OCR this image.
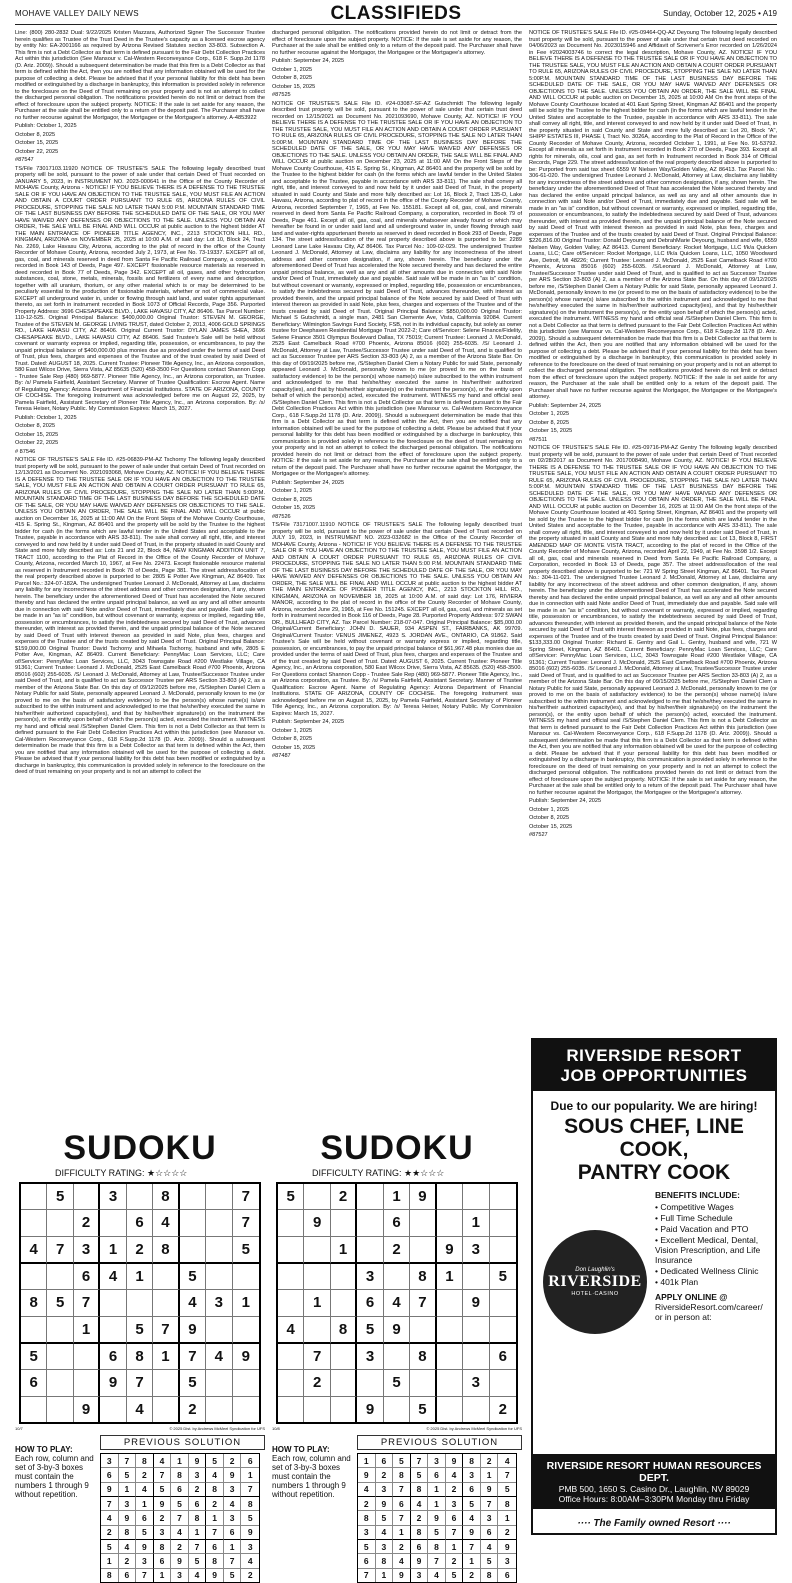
MOHAVE VALLEY DAILY NEWS	CLASSIFIEDS	Sunday, October 12, 2025 • A19

Line: (800) 280-2832 Dual: 9/22/2025 Kristen Mazzara, Authorized Signer The Successor Trustee herein qualifies as Trustee of the Trust Deed in the Trustee's capacity as a licensed escrow agency by entity No: EA-2001166 as required by Arizona Revised Statutes section 33-803. Subsection A. This firm is not a Debt Collector as that term is defined pursuant to the Fair Debt Collection Practices Act within this jurisdiction (See Mansour v. Cal-Western Reconveyance Corp., 618 F. Supp.2d 1178 (D. Ariz. 2009)). Should a subsequent determination be made that this firm is a Debt Collector as that term is defined within the Act, then you are notified that any information obtained will be used for the purpose of collecting a debt. Please be advised that if your personal liability for this debt has been modified or extinguished by a discharge in bankruptcy, this information is provided solely in reference to the foreclosure on the Deed of Trust remaining on your property and is not an attempt to collect the discharged personal obligation. The notifications provided herein do not limit or detract from the effect of foreclosure upon the subject property. NOTICE: If the sale is set aside for any reason, the Purchaser at the sale shall be entitled only to a return of the deposit paid. The Purchaser shall have no further recourse against the Mortgagor, the Mortgagee or the Mortgagee's attorney. A-4853922

Publish: October 1, 2025

October 8, 2025

October 15, 2025

October 22, 2025

#87547

TS/File 73017103.11920 NOTICE OF TRUSTEE'S SALE The following legally described trust property will be sold, pursuant to the power of sale under that certain Deed of Trust recorded on JANUARY 5, 2023, in INSTRUMENT NO. 2023-000641 in the Office of the County Recorder of MOHAVE County, Arizona - NOTICE! IF YOU BELIEVE THERE IS A DEFENSE TO THE TRUSTEE SALE OR IF YOU HAVE AN OBJECTION TO THE TRUSTEE SALE, YOU MUST FILE AN ACTION AND OBTAIN A COURT ORDER PURSUANT TO RULE 65, ARIZONA RULES OF CIVIL PROCEDURE, STOPPING THE SALE NO LATER THAN 5:00 P.M. MOUNTAIN STANDARD TIME OF THE LAST BUSINESS DAY BEFORE THE SCHEDULED DATE OF THE SALE, OR YOU MAY HAVE WAIVED ANY DEFENSES OR OBJECTIONS TO THE SALE. UNLESS YOU OBTAIN AN ORDER, THE SALE WILL BE FINAL AND WILL OCCUR at public auction to the highest bidder AT THE MAIN ENTRANCE OF PIONEER TITLE AGENCY, INC., 2213 STOCKTON HILL RD., KINGMAN, ARIZONA on NOVEMBER 25, 2025 at 10:00 A.M. of said day: Lot 10, Block 24, Tract No. 2269, Lake Havasu City, Arizona, according to the plat of record in the office of the County Recorder of Mohave County, Arizona, recorded July 2, 1973, at Fee No. 73-19337. EXCEPT all oil, gas, coal, and minerals reserved in deed from Santa Fe Pacific Railroad Company, a corporation, recorded in Book 143 of Deeds, Page 497. EXCEPT fissionable resource materials as reserved in deed recorded in Book 77 of Deeds, Page 342. EXCEPT all oil, gases, and other hydrocarbon substances, coal, stone, metals, minerals, fossils and fertilizers of every name and description, together with all uranium, thorium, or any other material which is or may be determined to be peculiarly essential to the production of fissionable materials, whether or not of commercial value. EXCEPT all underground water in, under or flowing through said land, and water rights appurtenant thereto, as set forth in instrument recorded in Book 1073 of Official Records, Page 356. Purported Property Address: 3696 CHESAPEAKE BLVD., LAKE HAVASU CITY, AZ 86406. Tax Parcel Number: 110-12-525. Original Principal Balance: $400,000.00 Original Trustor: STEVEN M. GEORGE, Trustee of the STEVEN M. GEORGE LIVING TRUST, dated October 2, 2013, 4006 GOLD SPRINGS RD., LAKE HAVASU CITY, AZ 86406. Original Current Trustor: DYLAN JAMES SHEA, 3696 CHESAPEAKE BLVD., LAKE HAVASU CITY, AZ 86406. Said Trustee's Sale will be held without covenant or warranty express or implied, regarding title, possession, or encumbrances, to pay the unpaid principal balance of $400,000.00 plus monies due as provided under the terms of said Deed of Trust, plus fees, charges and expenses of the Trustee and of the trust created by said Deed of Trust. Dated: AUGUST 18, 2025. Current Trustee: Pioneer Title Agency, Inc., an Arizona corporation, 580 East Wilcox Drive, Sierra Vista, AZ 85635 (520) 458-3500 For Questions contact Shannon Copp - Trustee Sale Rep (480) 969-5877. Pioneer Title Agency, Inc., an Arizona corporation, as Trustee. By: /s/ Pamela Fairfield, Assistant Secretary. Manner of Trustee Qualification: Escrow Agent. Name of Regulating Agency: Arizona Department of Financial Institutions. STATE OF ARIZONA, COUNTY OF COCHISE. The foregoing instrument was acknowledged before me on August 22, 2025, by Pamela Fairfield, Assistant Secretary of Pioneer Title Agency, Inc., an Arizona corporation. By: /s/ Teresa Heiser, Notary Public. My Commission Expires: March 15, 2027.

Publish: October 1, 2025

October 8, 2025

October 15, 2025

October 22, 2025

# 87546

NOTICE OF TRUSTEE'S SALE File ID. #25-06839-PM-AZ Tschorny The following legally described trust property will be sold, pursuant to the power of sale under that certain Deed of Trust recorded on 12/13/2021 as Document No. 2021093068, Mohave County, AZ. NOTICE! IF YOU BELIEVE THERE IS A DEFENSE TO THE TRUSTEE SALE OR IF YOU HAVE AN OBJECTION TO THE TRUSTEE SALE, YOU MUST FILE AN ACTION AND OBTAIN A COURT ORDER PURSUANT TO RULE 65, ARIZONA RULES OF CIVIL PROCEDURE, STOPPING THE SALE NO LATER THAN 5:00P.M. MOUNTAIN STANDARD TIME OF THE LAST BUSINESS DAY BEFORE THE SCHEDULED DATE OF THE SALE, OR YOU MAY HAVE WAIVED ANY DEFENSES OR OBJECTIONS TO THE SALE. UNLESS YOU OBTAIN AN ORDER, THE SALE WILL BE FINAL AND WILL OCCUR at public auction on December 16, 2025 at 11:00 AM On the Front Steps of the Mohave County Courthouse, 415 E. Spring St., Kingman, AZ 86401 and the property will be sold by the Trustee to the highest bidder for cash (in the forms which are lawful tender in the United States and acceptable to the Trustee, payable in accordance with ARS 33-811). The sale shall convey all right, title, and interest conveyed to and now held by it under said Deed of Trust, in the property situated in said County and State and more fully described as: Lots 21 and 22, Block 84, NEW KINGMAN ADDITION UNIT 7, TRACT 1100, according to the Plat of Record in the Office of the County Recorder of Mohave County, Arizona, recorded March 10, 1967, at Fee No. 22473. Except fissionable resource material as reserved in Instrument recorded in Book 70 of Deeds, Page 381. The street address/location of the real property described above is purported to be: 2805 E Potter Ave Kingman, AZ 86409. Tax Parcel No.: 324-07-182A. The undersigned Trustee Leonard J. McDonald, Attorney at Law, disclaims any liability for any incorrectness of the street address and other common designation, if any, shown herein. The beneficiary under the aforementioned Deed of Trust has accelerated the Note secured thereby and has declared the entire unpaid principal balance, as well as any and all other amounts due in connection with said Note and/or Deed of Trust, immediately due and payable. Said sale will be made in an "as is" condition, but without covenant or warranty, express or implied, regarding title, possession or encumbrances, to satisfy the indebtedness secured by said Deed of Trust, advances thereunder, with interest as provided therein, and the unpaid principal balance of the Note secured by said Deed of Trust with interest thereon as provided in said Note, plus fees, charges and expenses of the Trustee and of the trusts created by said Deed of Trust. Original Principal Balance: $159,000.00 Original Trustor: David Tschorny and Mihaela Tschorny, husband and wife, 2805 E Potter Ave, Kingman, AZ 86409. Current Beneficiary: PennyMac Loan Services, LLC; Care of/Servicer: PennyMac Loan Services, LLC, 3043 Townsgate Road #200 Westlake Village, CA 91361; Current Trustee: Leonard J. McDonald, 2525 East Camelback Road #700 Phoenix, Arizona 85016 (602) 255-6035. /S/ Leonard J. McDonald, Attorney at Law, Trustee/Successor Trustee under said Deed of Trust, and is qualified to act as Successor Trustee per ARS Section 33-803 (A) 2, as a member of the Arizona State Bar. On this day of 09/12/2025 before me, /S/Stephen Daniel Clem a Notary Public for said State, personally appeared Leonard J. McDonald, personally known to me (or proved to me on the basis of satisfactory evidence) to be the person(s) whose name(s) is/are subscribed to the within instrument and acknowledged to me that he/she/they executed the same in his/her/their authorized capacity(ies), and that by his/her/their signature(s) on the instrument the person(s), or the entity upon behalf of which the person(s) acted, executed the instrument. WITNESS my hand and official seal /S/Stephen Daniel Clem. This firm is not a Debt Collector as that term is defined pursuant to the Fair Debt Collection Practices Act within this jurisdiction (see Mansour vs. Cal-Western Reconveyance Corp., 618 F.Supp.2d 1178 (D. Ariz. 2009)). Should a subsequent determination be made that this firm is a Debt Collector as that term is defined within the Act, then you are notified that any information obtained will be used for the purpose of collecting a debt. Please be advised that if your personal liability for this debt has been modified or extinguished by a discharge in bankruptcy, this communication is provided solely in reference to the foreclosure on the deed of trust remaining on your property and is not an attempt to collect the

discharged personal obligation. The notifications provided herein do not limit or detract from the effect of foreclosure upon the subject property. NOTICE: If the sale is set aside for any reason, the Purchaser at the sale shall be entitled only to a return of the deposit paid. The Purchaser shall have no further recourse against the Mortgagor, the Mortgagee or the Mortgagee's attorney.

Publish: September 24, 2025

October 1, 2025

October 8, 2025

October 15, 2025

#87525

NOTICE OF TRUSTEE'S SALE File ID. #24-03087-SF-AZ Gutschmidt The following legally described trust property will be sold, pursuant to the power of sale under that certain trust deed recorded on 12/15/2021 as Document No. 2021093690, Mohave County, AZ. NOTICE! IF YOU BELIEVE THERE IS A DEFENSE TO THE TRUSTEE SALE OR IF YOU HAVE AN OBJECTION TO THE TRUSTEE SALE, YOU MUST FILE AN ACTION AND OBTAIN A COURT ORDER PURSUANT TO RULE 65, ARIZONA RULES OF CIVIL PROCEDURE, STOPPING THE SALE NO LATER THAN 5:00P.M. MOUNTAIN STANDARD TIME OF THE LAST BUSINESS DAY BEFORE THE SCHEDULED DATE OF THE SALE, OR YOU MAY HAVE WAIVED ANY DEFENSES OR OBJECTIONS TO THE SALE. UNLESS YOU OBTAIN AN ORDER, THE SALE WILL BE FINAL AND WILL OCCUR at public auction on December 23, 2025 at 11:00 AM On the Front Steps of the Mohave County Courthouse, 415 E. Spring St., Kingman, AZ 86401 and the property will be sold by the Trustee to the highest bidder for cash (in the forms which are lawful tender in the United States and acceptable to the Trustee, payable in accordance with ARS 33-811). The sale shall convey all right, title, and interest conveyed to and now held by it under said Deed of Trust, in the property situated in said County and State and more fully described as: Lot 16, Block 2, Tract 135-D, Lake Havasu, Arizona, according to plat of record in the office of the County Recorder of Mohave County, Arizona, recorded September 7, 1965, at Fee No. 155181. Except all oil, gas, coal, and minerals reserved in deed from Santa Fe Pacific Railroad Company, a corporation, recorded in Book 79 of Deeds, Page 461. Except all oil, gas, coal, and minerals whatsoever already found or which may hereafter be found in or under said land and all underground water in, under flowing through said land and water-rights appurtenant thereto as reserved in deed recorded in Book 293 of Deeds, Page 134. The street address/location of the real property described above is purported to be: 2289 Leonard Lane Lake Havasu City, AZ 86406. Tax Parcel No.: 109-02-029. The undersigned Trustee Leonard J. McDonald, Attorney at Law, disclaims any liability for any incorrectness of the street address and other common designation, if any, shown herein. The beneficiary under the aforementioned Deed of Trust has accelerated the Note secured thereby and has declared the entire unpaid principal balance, as well as any and all other amounts due in connection with said Note and/or Deed of Trust, immediately due and payable. Said sale will be made in an "as is" condition, but without covenant or warranty, expressed or implied, regarding title, possession or encumbrances, to satisfy the indebtedness secured by said Deed of Trust, advances thereunder, with interest as provided therein, and the unpaid principal balance of the Note secured by said Deed of Trust with interest thereon as provided in said Note, plus fees, charges and expenses of the Trustee and of the trusts created by said Deed of Trust. Original Principal Balance: $850,000.00 Original Trustor: Michael S Gutschmidt, a single man, 2481 San Clemente Ave, Vista, California 92084. Current Beneficiary: Wilmington Savings Fund Society, FSB, not in its individual capacity, but solely as owner trustee for Deephaven Residential Mortgage Trust 2022-2; Care of/Servicer: Selene Finance/Fidelity, Selene Finance 3501 Olympus Boulevard Dallas, TX 75019; Current Trustee: Leonard J. McDonald, 2525 East Camelback Road #700 Phoenix, Arizona 85016 (602) 255-6035. /S/ Leonard J. McDonald, Attorney at Law, Trustee/Successor Trustee under said Deed of Trust, and is qualified to act as Successor Trustee per ARS Section 33-803 (A) 2, as a member of the Arizona State Bar. On this day of 09/19/2025 before me, /S/Stephen Daniel Clem a Notary Public for said State, personally appeared Leonard J. McDonald, personally known to me (or proved to me on the basis of satisfactory evidence) to be the person(s) whose name(s) is/are subscribed to the within instrument and acknowledged to me that he/she/they executed the same in his/her/their authorized capacity(ies), and that by his/her/their signature(s) on the instrument the person(s), or the entity upon behalf of which the person(s) acted, executed the instrument. WITNESS my hand and official seal /S/Stephen Daniel Clem. This firm is not a Debt Collector as that term is defined pursuant to the Fair Debt Collection Practices Act within this jurisdiction (see Mansour vs. Cal-Western Reconveyance Corp., 618 F.Supp.2d 1178 (D. Ariz. 2009)). Should a subsequent determination be made that this firm is a Debt Collector as that term is defined within the Act, then you are notified that any information obtained will be used for the purpose of collecting a debt. Please be advised that if your personal liability for this debt has been modified or extinguished by a discharge in bankruptcy, this communication is provided solely in reference to the foreclosure on the deed of trust remaining on your property and is not an attempt to collect the discharged personal obligation. The notifications provided herein do not limit or detract from the effect of foreclosure upon the subject property. NOTICE: If the sale is set aside for any reason, the Purchaser at the sale shall be entitled only to a return of the deposit paid. The Purchaser shall have no further recourse against the Mortgagor, the Mortgagee or the Mortgagee's attorney.

Publish: September 24, 2025

October 1, 2025

October 8, 2025

October 15, 2025

#87526

TS/File 73171007.11910 NOTICE OF TRUSTEE'S SALE The following legally described trust property will be sold, pursuant to the power of sale under that certain Deed of Trust recorded on JULY 19, 2023, in INSTRUMENT NO. 2023-032682 in the Office of the County Recorder of MOHAVE County, Arizona - NOTICE! IF YOU BELIEVE THERE IS A DEFENSE TO THE TRUSTEE SALE OR IF YOU HAVE AN OBJECTION TO THE TRUSTEE SALE, YOU MUST FILE AN ACTION AND OBTAIN A COURT ORDER PURSUANT TO RULE 65, ARIZONA RULES OF CIVIL PROCEDURE, STOPPING THE SALE NO LATER THAN 5:00 P.M. MOUNTAIN STANDARD TIME OF THE LAST BUSINESS DAY BEFORE THE SCHEDULED DATE OF THE SALE, OR YOU MAY HAVE WAIVED ANY DEFENSES OR OBJECTIONS TO THE SALE. UNLESS YOU OBTAIN AN ORDER, THE SALE WILL BE FINAL AND WILL OCCUR at public auction to the highest bidder AT THE MAIN ENTRANCE OF PIONEER TITLE AGENCY, INC., 2213 STOCKTON HILL RD., KINGMAN, ARIZONA on NOVEMBER 18, 2025 at 10:00 A.M. of said day: Lot 176, RIVIERA MANOR, according to the plat of record in the office of the County Recorder of Mohave County, Arizona, recorded June 29, 1965, at Fee No. 151245. EXCEPT all oil, gas, coal, and minerals as set forth in instrument recorded in Book 116 of Deeds, Page 28. Purported Property Address: 972 SWAN DR., BULLHEAD CITY, AZ. Tax Parcel Number: 218-07-047. Original Principal Balance: $85,000.00 Original/Current Beneficiary: JOHN D. SAUER, 934 ASPEN ST., FAIRBANKS, AK 99709. Original/Current Trustor: VENUS JIMENEZ, 4923 S. JORDAN AVE., ONTARIO, CA 91862. Said Trustee's Sale will be held without covenant or warranty express or implied, regarding title, possession, or encumbrances, to pay the unpaid principal balance of $61,967.48 plus monies due as provided under the terms of said Deed of Trust, plus fees, charges and expenses of the Trustee and of the trust created by said Deed of Trust. Dated: AUGUST 6, 2025. Current Trustee: Pioneer Title Agency, Inc., an Arizona corporation, 580 East Wilcox Drive, Sierra Vista, AZ 85635. (520) 458-3500. For Questions contact Shannon Copp - Trustee Sale Rep (480) 969-5877. Pioneer Title Agency, Inc., an Arizona corporation, as Trustee. By: /s/ Pamela Fairfield, Assistant Secretary. Manner of Trustee Qualification: Escrow Agent. Name of Regulating Agency: Arizona Department of Financial Institutions. STATE OF ARIZONA, COUNTY OF COCHISE. The foregoing instrument was acknowledged before me on August 15, 2025, by Pamela Fairfield, Assistant Secretary of Pioneer Title Agency, Inc., an Arizona corporation. By: /s/ Teresa Heiser, Notary Public. My Commission Expires: March 15, 2027.

Publish: September 24, 2025

October 1, 2025

October 8, 2025

October 15, 2025

#87487

NOTICE OF TRUSTEE'S SALE File ID. #25-09464-QQ-AZ Deyoung The following legally described trust property will be sold, pursuant to the power of sale under that certain trust deed recorded on 04/06/2023 as Document No. 2023015946 and Affidavit of Scrivener's Error recorded on 1/26/2024 in Fee #2024003746 to correct the legal description, Mohave County, AZ. NOTICE! IF YOU BELIEVE THERE IS A DEFENSE TO THE TRUSTEE SALE OR IF YOU HAVE AN OBJECTION TO THE TRUSTEE SALE, YOU MUST FILE AN ACTION AND OBTAIN A COURT ORDER PURSUANT TO RULE 65, ARIZONA RULES OF CIVIL PROCEDURE, STOPPING THE SALE NO LATER THAN 5:00P.M. MOUNTAIN STANDARD TIME OF THE LAST BUSINESS DAY BEFORE THE SCHEDULED DATE OF THE SALE, OR YOU MAY HAVE WAIVED ANY DEFENSES OR OBJECTIONS TO THE SALE. UNLESS YOU OBTAIN AN ORDER, THE SALE WILL BE FINAL AND WILL OCCUR at public auction on December 15, 2025 at 10:00 AM On the front steps of the Mohave County Courthouse located at 401 East Spring Street, Kingman AZ 86401 and the property will be sold by the Trustee to the highest bidder for cash (in the forms which are lawful tender in the United States and acceptable to the Trustee, payable in accordance with ARS 33-811). The sale shall convey all right, title, and interest conveyed to and now held by it under said Deed of Trust, in the property situated in said County and State and more fully described as: Lot 20, Block "A", SHIPP ESTATES III, PHASE I, Tract No. 3026A, according to the Plat of Record in the Office of the County Recorder of Mohave County, Arizona, recorded October 1, 1991, at Fee No. 91-53792. Except all minerals as set forth in Instrument recorded in Book 270 of Deeds, Page 393. Except all rights for minerals, oils, coal and gas, as set forth in Instrument recorded in Book 314 of Official Records, Page 229. The street address/location of the real property described above is purported to be: Purported from said tax sheet 6559 W Nielsen Way/Golden Valley, AZ 86413. Tax Parcel No.: 306-61-020. The undersigned Trustee Leonard J. McDonald, Attorney at Law, disclaims any liability for any incorrectness of the street address and other common designation, if any, shown herein. The beneficiary under the aforementioned Deed of Trust has accelerated the Note secured thereby and has declared the entire unpaid principal balance, as well as any and all other amounts due in connection with said Note and/or Deed of Trust, immediately due and payable. Said sale will be made in an "as is" condition, but without covenant or warranty, expressed or implied, regarding title, possession or encumbrances, to satisfy the indebtedness secured by said Deed of Trust, advances thereunder, with interest as provided therein, and the unpaid principal balance of the Note secured by said Deed of Trust with interest thereon as provided in said Note, plus fees, charges and expenses of the Trustee and of the trusts created by said Deed of Trust. Original Principal Balance: $226,816.00 Original Trustor: Donald Deyoung and DebrahMarie Deyoung, husband and wife, 6559 Nielsen Way, Golden Valley, AZ 86413. Current Beneficiary: Rocket Mortgage, LLC f/k/a Quicken Loans, LLC; Care of/Servicer: Rocket Mortgage, LLC f/k/a Quicken Loans, LLC, 1050 Woodward Ave, Detroit, MI 48226; Current Trustee: Leonard J. McDonald, 2525 East Camelback Road #700 Phoenix, Arizona 85016 (602) 255-6035. /S/Leonard J. McDonald, Attorney at Law, Trustee/Successor Trustee under said Deed of Trust, and is qualified to act as Successor Trustee per ARS Section 33-803 (A) 2, as a member of the Arizona State Bar. On this day of 09/12/2025 before me, /S/Stephen Daniel Clem a Notary Public for said State, personally appeared Leonard J. McDonald, personally known to me (or proved to me on the basis of satisfactory evidence) to be the person(s) whose name(s) is/are subscribed to the within instrument and acknowledged to me that he/she/they executed the same in his/her/their authorized capacity(ies), and that by his/her/their signature(s) on the instrument the person(s), or the entity upon behalf of which the person(s) acted, executed the instrument. WITNESS my hand and official seal /S/Stephen Daniel Clem. This firm is not a Debt Collector as that term is defined pursuant to the Fair Debt Collection Practices Act within this jurisdiction (see Mansour vs. Cal-Western Reconveyance Corp., 618 F.Supp.2d 1178 (D. Ariz. 2009)). Should a subsequent determination be made that this firm is a Debt Collector as that term is defined within the Act, then you are notified that any information obtained will be used for the purpose of collecting a debt. Please be advised that if your personal liability for this debt has been modified or extinguished by a discharge in bankruptcy, this communication is provided solely in reference to the foreclosure on the deed of trust remaining on your property and is not an attempt to collect the discharged personal obligation. The notifications provided herein do not limit or detract from the effect of foreclosure upon the subject property. NOTICE: If the sale is set aside for any reason, the Purchaser at the sale shall be entitled only to a return of the deposit paid. The Purchaser shall have no further recourse against the Mortgagor, the Mortgagee or the Mortgagee's attorney.

Publish: September 24, 2025

October 1, 2025

October 8, 2025

October 15, 2025

#87511

NOTICE OF TRUSTEE'S SALE File ID. #25-09716-PM-AZ Gentry The following legally described trust property will be sold, pursuant to the power of sale under that certain Deed of Trust recorded on 02/28/2017 as Document No. 2017008490, Mohave County, AZ. NOTICE! IF YOU BELIEVE THERE IS A DEFENSE TO THE TRUSTEE SALE OR IF YOU HAVE AN OBJECTION TO THE TRUSTEE SALE, YOU MUST FILE AN ACTION AND OBTAIN A COURT ORDER PURSUANT TO RULE 65, ARIZONA RULES OF CIVIL PROCEDURE, STOPPING THE SALE NO LATER THAN 5:00P.M. MOUNTAIN STANDARD TIME OF THE LAST BUSINESS DAY BEFORE THE SCHEDULED DATE OF THE SALE, OR YOU MAY HAVE WAIVED ANY DEFENSES OR OBJECTIONS TO THE SALE. UNLESS YOU OBTAIN AN ORDER, THE SALE WILL BE FINAL AND WILL OCCUR at public auction on December 16, 2025 at 11:00 AM On the front steps of the Mohave County Courthouse located at 401 Spring Street, Kingman, AZ 86401 and the property will be sold by the Trustee to the highest bidder for cash (in the forms which are lawful tender in the United States and acceptable to the Trustee, payable in accordance with ARS 33-811). The sale shall convey all right, title, and interest conveyed to and now held by it under said Deed of Trust, in the property situated in said County and State and more fully described as: Lot 13, Block 8, FIRST AMENDED MAP OF MONTE VISTA TRACT, according to the plat of record in the Office of the County Recorder of Mohave County, Arizona, recorded April 22, 1949, at Fee No. 3598 1/2. Except all oil, gas, coal and minerals reserved in Deed from Santa Fe Pacific Railroad Company, a Corporation, recorded in Book 13 of Deeds, page 357. The street address/location of the real property described above is purported to be: 721 W Spring Street Kingman, AZ 86401. Tax Parcel No.: 304-11-021. The undersigned Trustee Leonard J. McDonald, Attorney at Law, disclaims any liability for any incorrectness of the street address and other common designation, if any, shown herein. The beneficiary under the aforementioned Deed of Trust has accelerated the Note secured thereby and has declared the entire unpaid principal balance, as well as any and all other amounts due in connection with said Note and/or Deed of Trust, immediately due and payable. Said sale will be made in an "as is" condition, but without covenant or warranty, expressed or implied, regarding title, possession or encumbrances, to satisfy the indebtedness secured by said Deed of Trust, advances thereunder, with interest as provided therein, and the unpaid principal balance of the Note secured by said Deed of Trust with interest thereon as provided in said Note, plus fees, charges and expenses of the Trustee and of the trusts created by said Deed of Trust. Original Principal Balance: $133,333.00 Original Trustor: Richard E. Gentry and Gail L. Gentry, husband and wife, 721 W Spring Street, Kingman, AZ 86401. Current Beneficiary: PennyMac Loan Services, LLC; Care of/Servicer: PennyMac Loan Services, LLC, 3043 Townsgate Road #200 Westlake Village, CA 91361; Current Trustee: Leonard J. McDonald, 2525 East Camelback Road #700 Phoenix, Arizona 85016 (602) 255-6035. /S/ Leonard J. McDonald, Attorney at Law, Trustee/Successor Trustee under said Deed of Trust, and is qualified to act as Successor Trustee per ARS Section 33-803 (A) 2, as a member of the Arizona State Bar. On this day of 09/15/2025 before me, /S/Stephen Daniel Clem a Notary Public for said State, personally appeared Leonard J. McDonald, personally known to me (or proved to me on the basis of satisfactory evidence) to be the person(s) whose name(s) is/are subscribed to the within instrument and acknowledged to me that he/she/they executed the same in his/her/their authorized capacity(ies), and that by his/her/their signature(s) on the instrument the person(s), or the entity upon behalf of which the person(s) acted, executed the instrument. WITNESS my hand and official seal /S/Stephen Daniel Clem. This firm is not a Debt Collector as that term is defined pursuant to the Fair Debt Collection Practices Act within this jurisdiction (see Mansour vs. Cal-Western Reconveyance Corp., 618 F.Supp.2d 1178 (D. Ariz. 2009)). Should a subsequent determination be made that this firm is a Debt Collector as that term is defined within the Act, then you are notified that any information obtained will be used for the purpose of collecting a debt. Please be advised that if your personal liability for this debt has been modified or extinguished by a discharge in bankruptcy, this communication is provided solely in reference to the foreclosure on the deed of trust remaining on your property and is not an attempt to collect the discharged personal obligation. The notifications provided herein do not limit or detract from the effect of foreclosure upon the subject property. NOTICE: If the sale is set aside for any reason, the Purchaser at the sale shall be entitled only to a return of the deposit paid. The Purchaser shall have no further recourse against the Mortgagor, the Mortgagee or the Mortgagee's attorney.

Publish: September 24, 2025

October 1, 2025

October 8, 2025

October 15, 2025

#87527

SUDOKU
DIFFICULTY RATING: ★☆☆☆☆
5	3	8	7
2	6	4	7
4	7	3	1	2	8	5
6	4	1	5
8	5	7	4	3	1
1	5	7	9
5	6	8	1	7	4	9
6	9	7	5
9	4	2
10/7	© 2025 Dist. by Andrews McMeel Syndication for UFS
HOW TO PLAY:
Each row, column and set of 3-by-3 boxes must contain the numbers 1 through 9 without repetition.
PREVIOUS SOLUTION
3	7	8	4	1	9	5	2	6
6	5	2	7	8	3	4	9	1
9	1	4	5	6	2	8	3	7
7	3	1	9	5	6	2	4	8
4	9	6	2	7	8	1	3	5
2	8	5	3	4	1	7	6	9
5	4	9	8	2	7	6	1	3
1	2	3	6	9	5	8	7	4
8	6	7	1	3	4	9	5	2
SUDOKU
DIFFICULTY RATING: ★★☆☆☆
5	2	1	9
9	6	1
1	2	9	3
3	8	1	5
1	6	4	7	9
4	8	5	9
7	3	8	6
2	5	3
9	5	2
10/8	© 2025 Dist. by Andrews McMeel Syndication for UFS
HOW TO PLAY:
Each row, column and set of 3-by-3 boxes must contain the numbers 1 through 9 without repetition.
PREVIOUS SOLUTION
1	6	5	7	3	9	8	2	4
9	2	8	5	6	4	3	1	7
4	3	7	8	1	2	6	9	5
2	9	6	4	1	3	5	7	8
8	5	7	2	9	6	4	3	1
3	4	1	8	5	7	9	6	2
5	3	2	6	8	1	7	4	9
6	8	4	9	7	2	1	5	3
7	1	9	3	4	5	2	8	6
RIVERSIDE RESORT
JOB OPPORTUNITIES
Due to our popularity. We are hiring!
SOUS CHEF, LINE COOK,
PANTRY COOK
Don Laughlin's
RIVERSIDE
HOTEL·CASINO
BENEFITS INCLUDE:
• Competitive Wages
• Full Time Schedule
• Paid Vacation and PTO
• Excellent Medical, Dental, Vision Prescription, and Life Insurance
• Dedicated Wellness Clinic
• 401k Plan
APPLY ONLINE @
RiversideResort.com/career/
or in person at:
RIVERSIDE RESORT HUMAN RESOURCES DEPT.
PMB 500, 1650 S. Casino Dr., Laughlin, NV 89029
Office Hours: 8:00AM–3:30PM Monday thru Friday
···· The Family owned Resort ····
